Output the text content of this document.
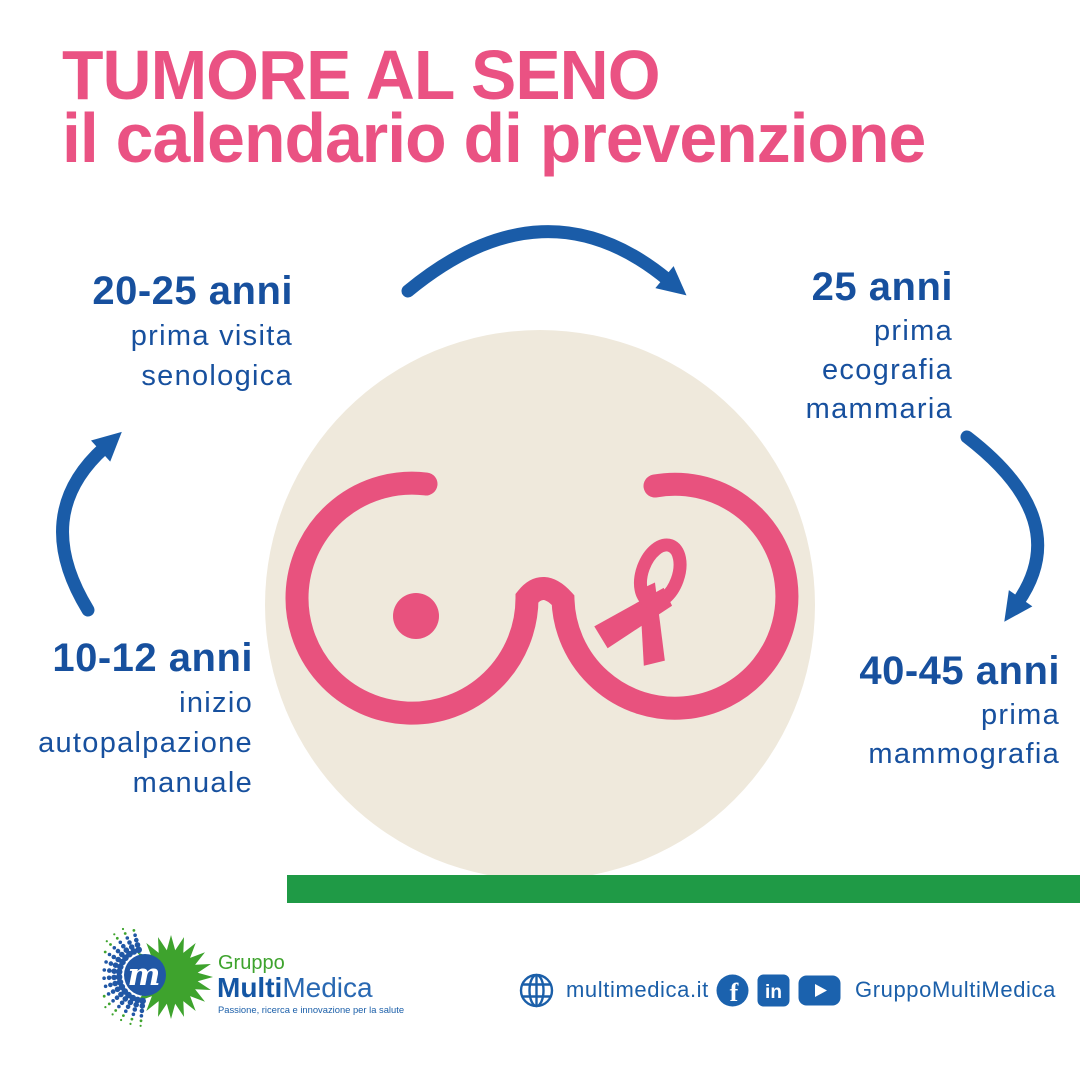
TUMORE AL SENO
il calendario di prevenzione
20-25 anni
prima visita
senologica
25 anni
prima
ecografia
mammaria
10-12 anni
inizio
autopalpazione
manuale
40-45 anni
prima
mammografia
m	Gruppo
MultiMedica
Passione, ricerca e innovazione per la salute
multimedica.it f in	GruppoMultiMedica
